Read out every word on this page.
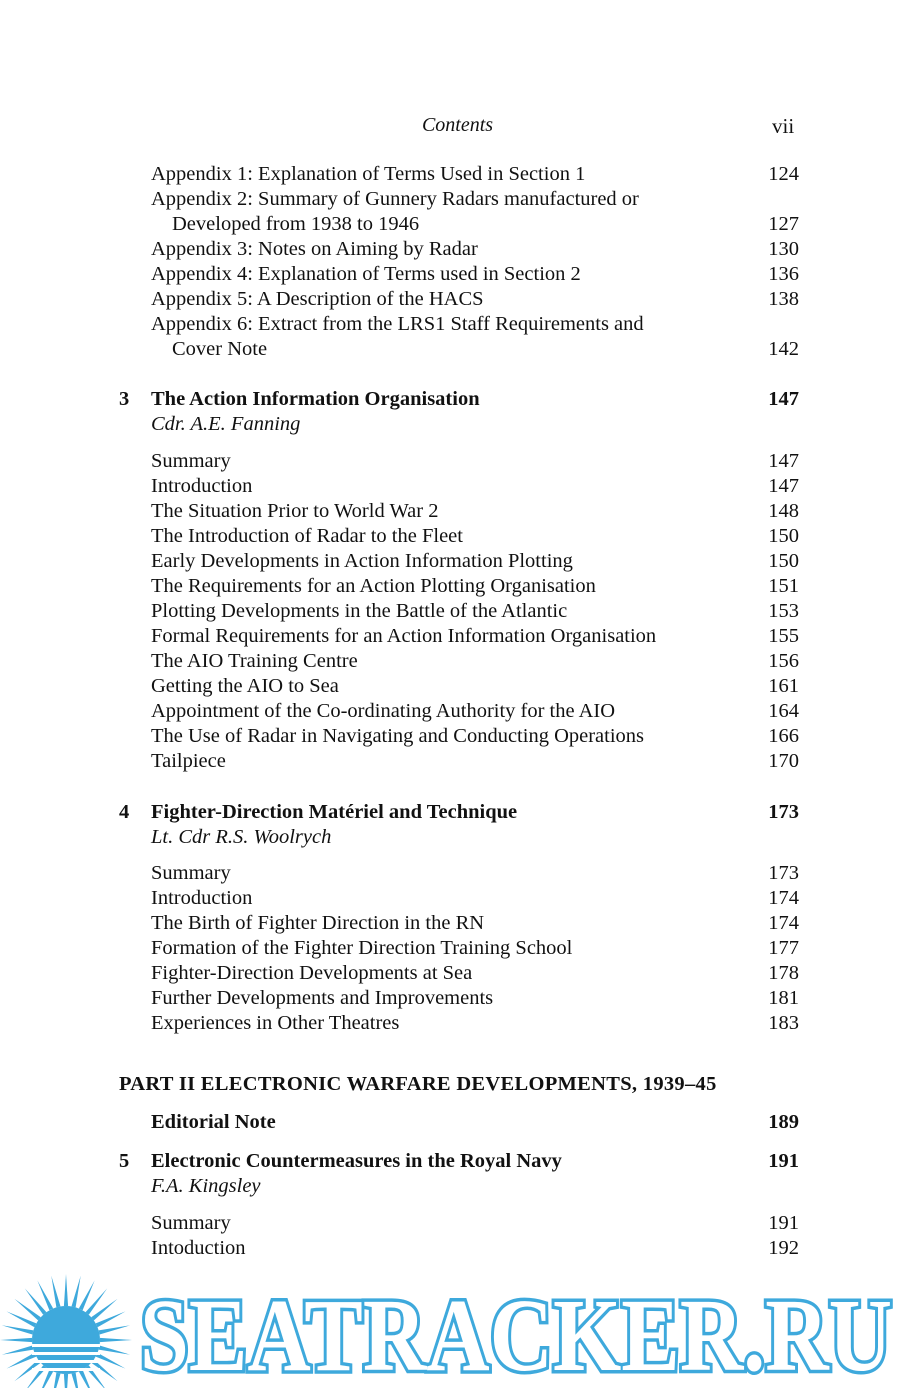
Contents	vii
Appendix 1: Explanation of Terms Used in Section 1	124
Appendix 2: Summary of Gunnery Radars manufactured or
Developed from 1938 to 1946	127
Appendix 3: Notes on Aiming by Radar	130
Appendix 4: Explanation of Terms used in Section 2	136
Appendix 5: A Description of the HACS	138
Appendix 6: Extract from the LRS1 Staff Requirements and
Cover Note	142
3 The Action Information Organisation	147
Cdr. A.E. Fanning
Summary	147
Introduction	147
The Situation Prior to World War 2	148
The Introduction of Radar to the Fleet	150
Early Developments in Action Information Plotting	150
The Requirements for an Action Plotting Organisation	151
Plotting Developments in the Battle of the Atlantic	153
Formal Requirements for an Action Information Organisation	155
The AIO Training Centre	156
Getting the AIO to Sea	161
Appointment of the Co-ordinating Authority for the AIO	164
The Use of Radar in Navigating and Conducting Operations	166
Tailpiece	170
4 Fighter-Direction Matériel and Technique	173
Lt. Cdr R.S. Woolrych
Summary	173
Introduction	174
The Birth of Fighter Direction in the RN	174
Formation of the Fighter Direction Training School	177
Fighter-Direction Developments at Sea	178
Further Developments and Improvements	181
Experiences in Other Theatres	183
PART II ELECTRONIC WARFARE DEVELOPMENTS, 1939–45
Editorial Note	189
5 Electronic Countermeasures in the Royal Navy	191
F.A. Kingsley
Summary	191
Intoduction	192
SEATRACKER.RU
